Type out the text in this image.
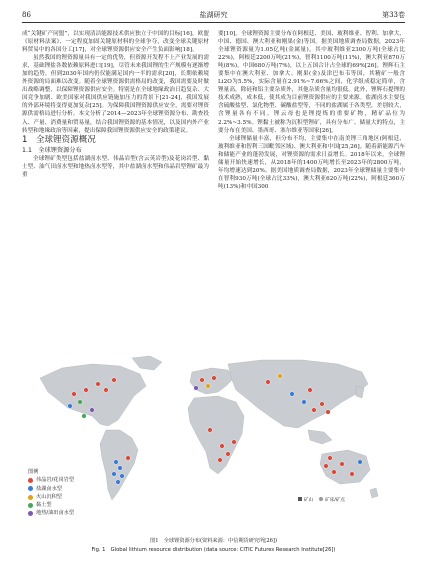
86	盐湖研究	第33卷

成“关键矿产同盟”，以实现清洁能源技术供应独立于中国的目标[16]，欧盟《原材料法案》、一定程度加固关键原材料的全球争夺，改变全球关键原材料贸易中的各国分工[17]，对全球锂资源供应安全产生负面影响[18]。

虽然我国的锂资源量具有一定的优势，但资源开发程不上产业发展的需求，基础锂盐各数依赖原料进口[19]，尽管未来我国锂的生产规模有逐渐增加的趋势，但到2030年国内仍仅能满足国内一半的需求[20]，长期依赖境外资源的局面难以改变。随着全球锂资源供需格局的改变，我国需要及时做出战略调整，以保障锂资源供应安全。特别是在全球地缘政治日趋复杂、大国竞争加剧、欧美国家对我国供应链施加压力的背景下[21-24]，我国发展的外部环境将变得更加复杂[25]。为保障我国锂资源供应安全，需要对锂资源供需格局进行分析。本文分析了2014—2023年全球锂资源分布、勘查投入、产量、消费量和贸易量，结合我国锂资源的基本情况，以及国内外产业转型和地缘政治等因素，提出保障我国锂资源供应安全的政策建议。

1　全球锂资源概况

1.1　全球锂资源分布

全球锂矿类型包括盐湖卤水型、伟晶岩型(含云英岩型)及花岗岩型、黏土型、油气田卤水型和地热卤水型等，其中盐湖卤水型和伟晶岩型锂矿最为重

要[10]。全球锂资源主要分布在阿根廷、美国、玻利维亚、智利、加拿大、中国、德国、澳大利亚和刚果(金)等国。据美国地质调查局数据，2023年全球锂资源量为1.05亿吨(金属量)，其中玻利维亚2300万吨(全球占比22%)，阿根廷2200万吨(21%)，智利1100万吨(11%)，澳大利亚870万吨(8%)，中国680万吨(7%)，以上五国合计占全球的69%[26]。锂辉石主要集中在澳大利亚、加拿大、刚果(金)及津巴布韦等国，其精矿一般含Li2O为5.5%，实际含量在2.91%~7.66%之间，化学组成稳定简单，含锂量高，除硅和铝主要杂质外，其他杂质含量均很低。此外，锂辉石提锂的技术成熟，成本低，使其成为目前锂资源供应的主要来源。盐湖卤水主要包含硫酸盐型、氯化物型、碳酸盐型等，不同的盐湖属于各类型，差别较大，含锂量各有不同。锂云母也是锂提炼的重要矿物，精矿品位为2.2%~3.5%。锂黏土被称为沉积型锂矿，具有分布广、储量大的特点，主要分布在美国、墨西哥、塞尔维亚等国家[26]。

全球锂储量丰富，但分布不均，主要集中在南美锂三角地区(阿根廷、玻利维亚和智利三国毗邻区域)、澳大利亚和中国[25,26]。随着新能源汽车和储能产业的蓬勃发展，对锂资源的需求日益增长。2018年以来，全球锂储量开始快速增长，从2018年的1400万吨增长至2023年的2800万吨，年均增速达到20%。据美国地质调查局数据，2023年全球锂储量主要集中在智利930万吨(全球占比33%)，澳大利亚620万吨(22%)，阿根廷360万吨(13%)和中国300

图例
伟晶岩/花岗岩型
盐湖卤水型
火山沉积型
黏土型
地热/油田卤水型
矿山	矿床/矿点
图1　全球锂资源分布(资料来源：中信期货研究所[26])
Fig. 1　Global lithium resource distribution (data source: CITIC Futures Research Institute[26])
